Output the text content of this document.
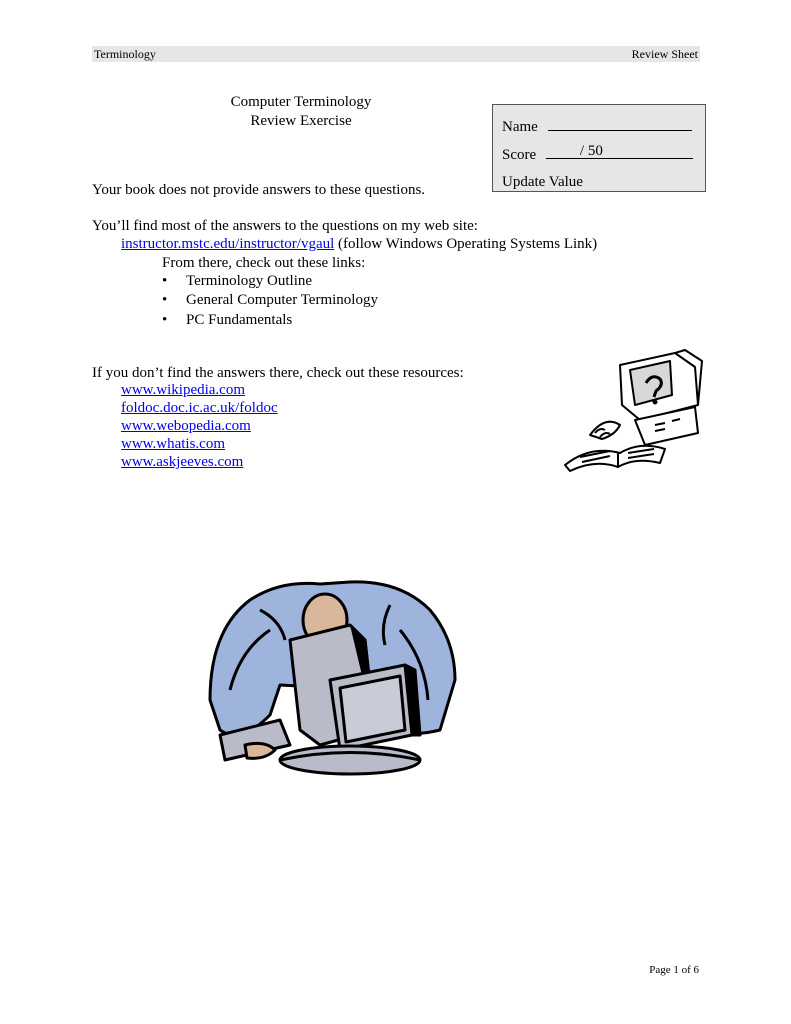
Terminology	Review Sheet
Computer Terminology
Review Exercise	Name
Score	/ 50
Update Value
Your book does not provide answers to these questions.
You’ll find most of the answers to the questions on my web site:
instructor.mstc.edu/instructor/vgaul (follow Windows Operating Systems Link)
From there, check out these links:
• Terminology Outline
• General Computer Terminology
• PC Fundamentals
If you don’t find the answers there, check out these resources:
www.wikipedia.com
foldoc.doc.ic.ac.uk/foldoc
www.webopedia.com
www.whatis.com
www.askjeeves.com
Page 1 of 6
